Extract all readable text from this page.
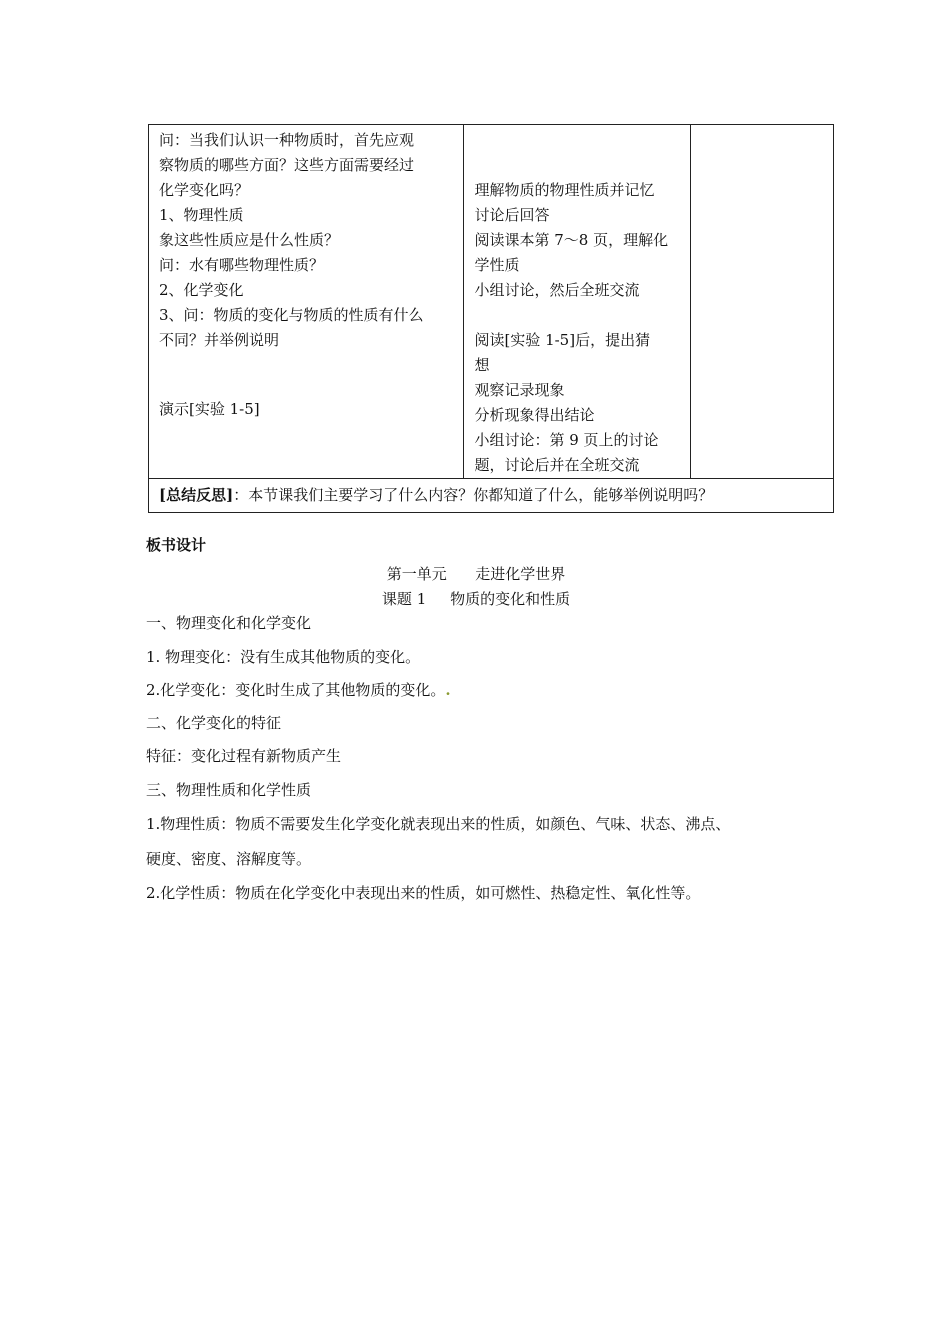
问：当我们认识一种物质时，首先应观
察物质的哪些方面？这些方面需要经过
化学变化吗？
1、物理性质
象这些性质应是什么性质？
问：水有哪些物理性质？
2、化学变化
3、问：物质的变化与物质的性质有什么
不同？并举例说明
演示[实验 1-5]

理解物质的物理性质并记忆
讨论后回答
阅读课本第 7～8 页，理解化
学性质
小组讨论，然后全班交流
阅读[实验 1-5]后，提出猜
想
观察记录现象
分析现象得出结论
小组讨论：第 9 页上的讨论
题，讨论后并在全班交流

[总结反思]：本节课我们主要学习了什么内容？你都知道了什么，能够举例说明吗？
板书设计
第一单元      走进化学世界
课题 1     物质的变化和性质
一、物理变化和化学变化
1. 物理变化：没有生成其他物质的变化。
2.化学变化：变化时生成了其他物质的变化。.
二、化学变化的特征
特征：变化过程有新物质产生
三、物理性质和化学性质
1.物理性质：物质不需要发生化学变化就表现出来的性质，如颜色、气味、状态、沸点、
硬度、密度、溶解度等。
2.化学性质：物质在化学变化中表现出来的性质，如可燃性、热稳定性、氧化性等。
